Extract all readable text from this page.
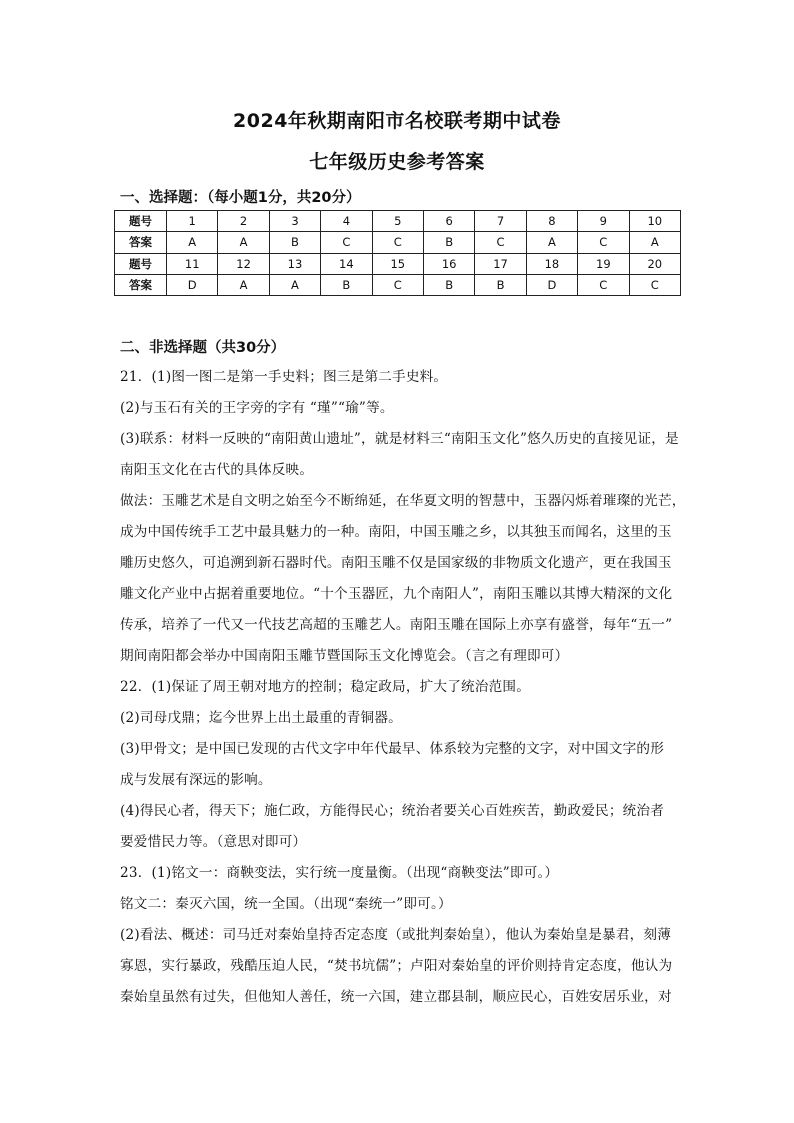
2024年秋期南阳市名校联考期中试卷
七年级历史参考答案
一、选择题：（每小题1分，共20分）
题号	1	2	3	4	5	6	7	8	9	10
答案	A	A	B	C	C	B	C	A	C	A
题号	11	12	13	14	15	16	17	18	19	20
答案	D	A	A	B	C	B	B	D	C	C
二、非选择题（共30分）

21．(1)图一图二是第一手史料；图三是第二手史料。

(2)与玉石有关的王字旁的字有 “瑾”“瑜”等。

(3)联系：材料一反映的“南阳黄山遗址”，就是材料三“南阳玉文化”悠久历史的直接见证，是

南阳玉文化在古代的具体反映。

做法：玉雕艺术是自文明之始至今不断绵延，在华夏文明的智慧中，玉器闪烁着璀璨的光芒，

成为中国传统手工艺中最具魅力的一种。南阳，中国玉雕之乡，以其独玉而闻名，这里的玉

雕历史悠久，可追溯到新石器时代。南阳玉雕不仅是国家级的非物质文化遗产，更在我国玉

雕文化产业中占据着重要地位。“十个玉器匠，九个南阳人”，南阳玉雕以其博大精深的文化

传承，培养了一代又一代技艺高超的玉雕艺人。南阳玉雕在国际上亦享有盛誉，每年“五一”

期间南阳都会举办中国南阳玉雕节暨国际玉文化博览会。（言之有理即可）

22．(1)保证了周王朝对地方的控制；稳定政局，扩大了统治范围。

(2)司母戊鼎；迄今世界上出土最重的青铜器。

(3)甲骨文；是中国已发现的古代文字中年代最早、体系较为完整的文字，对中国文字的形

成与发展有深远的影响。

(4)得民心者，得天下；施仁政，方能得民心；统治者要关心百姓疾苦，勤政爱民；统治者

要爱惜民力等。（意思对即可）

23．(1)铭文一：商鞅变法，实行统一度量衡。（出现“商鞅变法”即可。）

铭文二：秦灭六国，统一全国。（出现“秦统一”即可。）

(2)看法、概述：司马迁对秦始皇持否定态度（或批判秦始皇），他认为秦始皇是暴君，刻薄

寡恩，实行暴政，残酷压迫人民，“焚书坑儒”；卢阳对秦始皇的评价则持肯定态度，他认为

秦始皇虽然有过失，但他知人善任，统一六国，建立郡县制，顺应民心，百姓安居乐业，对
